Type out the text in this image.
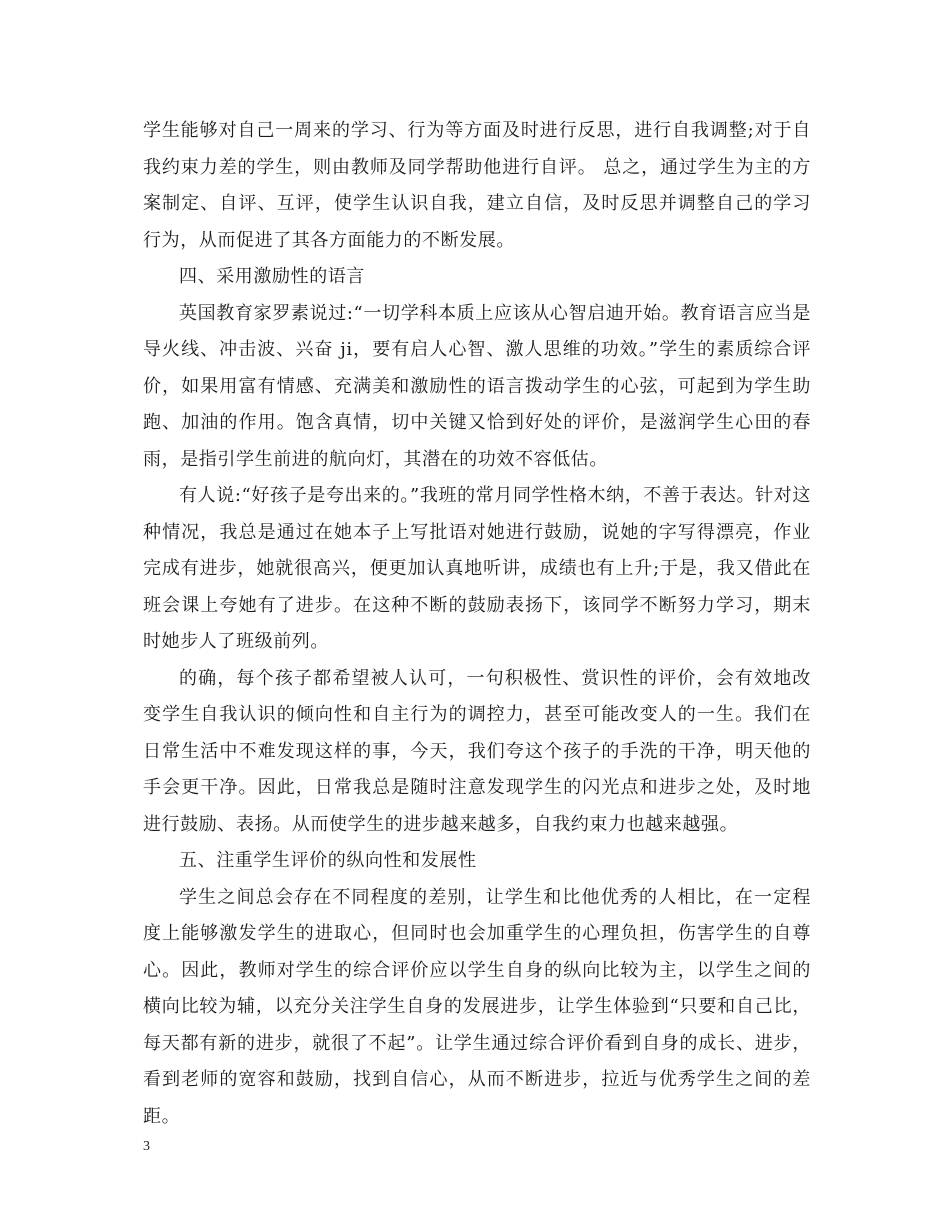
学生能够对自己一周来的学习、行为等方面及时进行反思，进行自我调整;对于自我约束力差的学生，则由教师及同学帮助他进行自评。 总之，通过学生为主的方案制定、自评、互评，使学生认识自我，建立自信，及时反思并调整自己的学习行为，从而促进了其各方面能力的不断发展。

四、采用激励性的语言

英国教育家罗素说过:“一切学科本质上应该从心智启迪开始。教育语言应当是导火线、冲击波、兴奋 ji，要有启人心智、激人思维的功效。”学生的素质综合评价，如果用富有情感、充满美和激励性的语言拨动学生的心弦，可起到为学生助跑、加油的作用。饱含真情，切中关键又恰到好处的评价，是滋润学生心田的春雨，是指引学生前进的航向灯，其潜在的功效不容低估。

有人说:“好孩子是夸出来的。”我班的常月同学性格木纳，不善于表达。针对这种情况，我总是通过在她本子上写批语对她进行鼓励，说她的字写得漂亮，作业完成有进步，她就很高兴，便更加认真地听讲，成绩也有上升;于是，我又借此在班会课上夸她有了进步。在这种不断的鼓励表扬下，该同学不断努力学习，期末时她步人了班级前列。

的确，每个孩子都希望被人认可，一句积极性、赏识性的评价，会有效地改变学生自我认识的倾向性和自主行为的调控力，甚至可能改变人的一生。我们在日常生活中不难发现这样的事，今天，我们夸这个孩子的手洗的干净，明天他的手会更干净。因此，日常我总是随时注意发现学生的闪光点和进步之处，及时地进行鼓励、表扬。从而使学生的进步越来越多，自我约束力也越来越强。

五、注重学生评价的纵向性和发展性

学生之间总会存在不同程度的差别，让学生和比他优秀的人相比，在一定程度上能够激发学生的进取心，但同时也会加重学生的心理负担，伤害学生的自尊心。因此，教师对学生的综合评价应以学生自身的纵向比较为主，以学生之间的横向比较为辅，以充分关注学生自身的发展进步，让学生体验到“只要和自己比，每天都有新的进步，就很了不起”。让学生通过综合评价看到自身的成长、进步，看到老师的宽容和鼓励，找到自信心，从而不断进步，拉近与优秀学生之间的差距。

3
